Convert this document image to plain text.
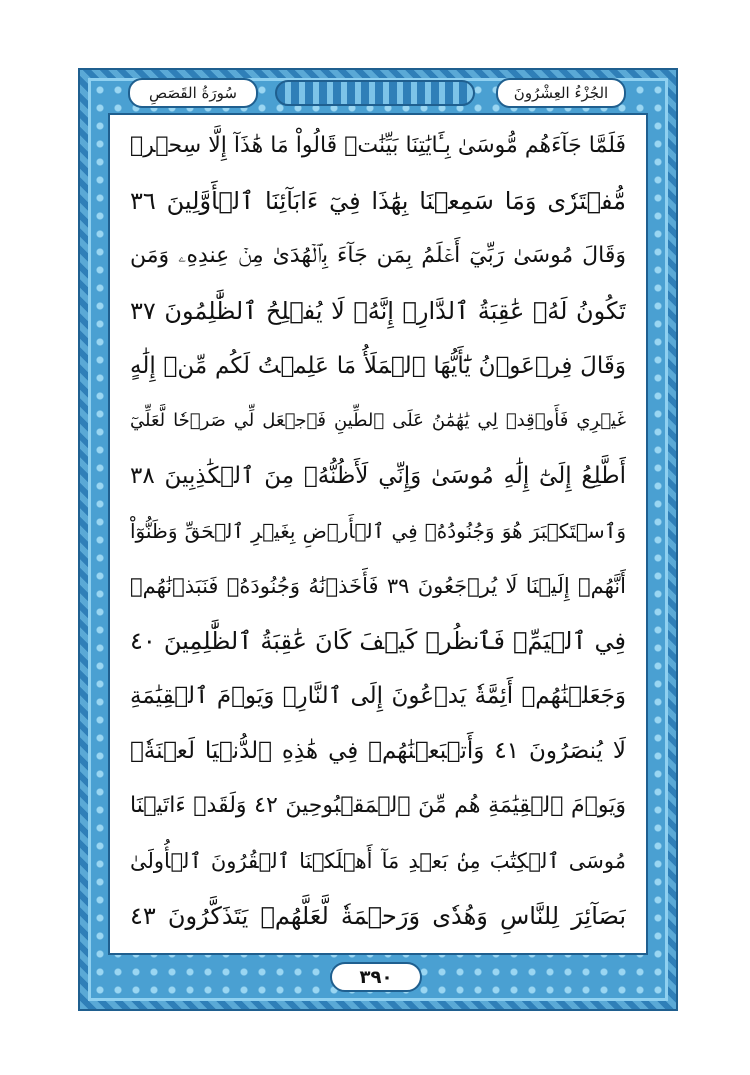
سُورَةُ القَصَصِ	الجُزْءُ العِشْرُونَ
فَلَمَّا جَآءَهُم مُّوسَىٰ بِـَٔايَٰتِنَا بَيِّنَٰتٖ قَالُواْ مَا هَٰذَآ إِلَّا سِحۡرٞ
مُّفۡتَرٗى وَمَا سَمِعۡنَا بِهَٰذَا فِيٓ ءَابَآئِنَا ٱلۡأَوَّلِينَ ٣٦
وَقَالَ مُوسَىٰ رَبِّيٓ أَعۡلَمُ بِمَن جَآءَ بِٱلۡهُدَىٰ مِنۡ عِندِهِۦ وَمَن
تَكُونُ لَهُۥ عَٰقِبَةُ ٱلدَّارِۚ إِنَّهُۥ لَا يُفۡلِحُ ٱلظَّٰلِمُونَ ٣٧
وَقَالَ فِرۡعَوۡنُ يَٰٓأَيُّهَا ٱلۡمَلَأُ مَا عَلِمۡتُ لَكُم مِّنۡ إِلَٰهٍ
غَيۡرِي فَأَوۡقِدۡ لِي يَٰهَٰمَٰنُ عَلَى ٱلطِّينِ فَٱجۡعَل لِّي صَرۡحٗا لَّعَلِّيٓ
أَطَّلِعُ إِلَىٰٓ إِلَٰهِ مُوسَىٰ وَإِنِّي لَأَظُنُّهُۥ مِنَ ٱلۡكَٰذِبِينَ ٣٨
وَٱسۡتَكۡبَرَ هُوَ وَجُنُودُهُۥ فِي ٱلۡأَرۡضِ بِغَيۡرِ ٱلۡحَقِّ وَظَنُّوٓاْ
أَنَّهُمۡ إِلَيۡنَا لَا يُرۡجَعُونَ ٣٩ فَأَخَذۡنَٰهُ وَجُنُودَهُۥ فَنَبَذۡنَٰهُمۡ
فِي ٱلۡيَمِّۖ فَٱنظُرۡ كَيۡفَ كَانَ عَٰقِبَةُ ٱلظَّٰلِمِينَ ٤٠
وَجَعَلۡنَٰهُمۡ أَئِمَّةٗ يَدۡعُونَ إِلَى ٱلنَّارِۖ وَيَوۡمَ ٱلۡقِيَٰمَةِ
لَا يُنصَرُونَ ٤١ وَأَتۡبَعۡنَٰهُمۡ فِي هَٰذِهِ ٱلدُّنۡيَا لَعۡنَةٗۖ
وَيَوۡمَ ٱلۡقِيَٰمَةِ هُم مِّنَ ٱلۡمَقۡبُوحِينَ ٤٢ وَلَقَدۡ ءَاتَيۡنَا
مُوسَى ٱلۡكِتَٰبَ مِنۢ بَعۡدِ مَآ أَهۡلَكۡنَا ٱلۡقُرُونَ ٱلۡأُولَىٰ
بَصَآئِرَ لِلنَّاسِ وَهُدٗى وَرَحۡمَةٗ لَّعَلَّهُمۡ يَتَذَكَّرُونَ ٤٣
٣٩٠
